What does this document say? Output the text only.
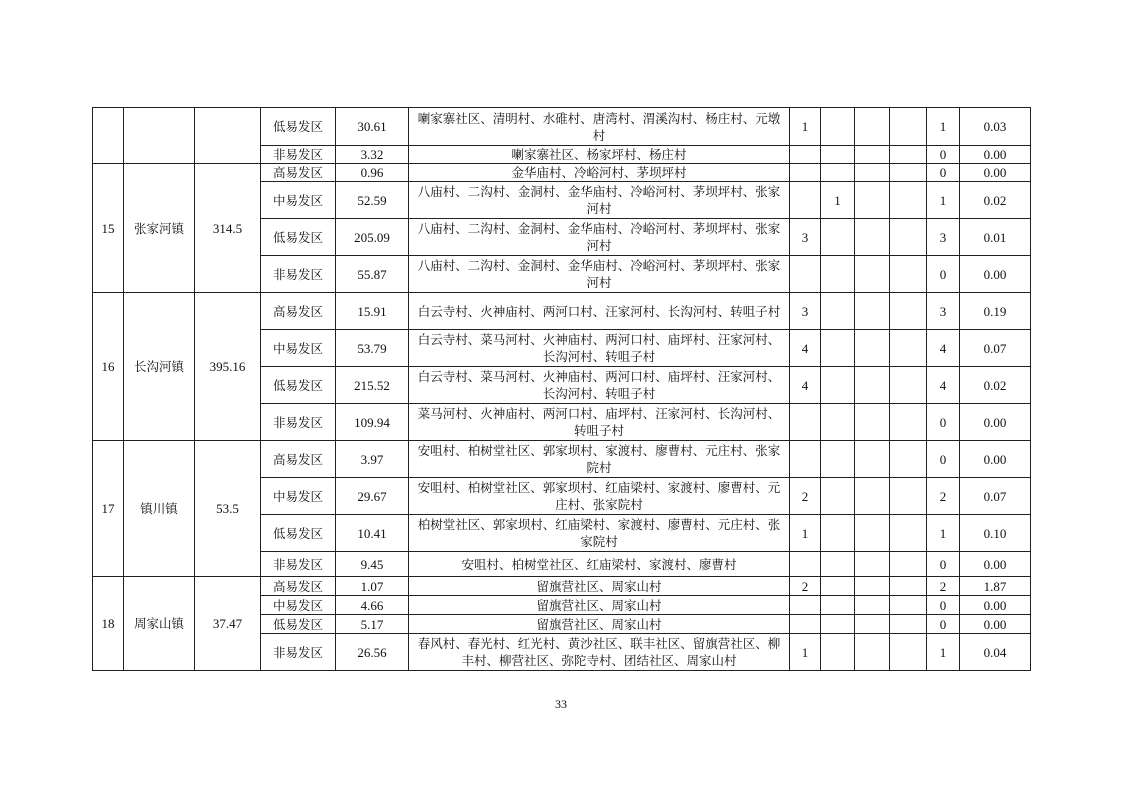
			低易发区	30.61	喇家寨社区、清明村、水碓村、唐湾村、渭溪沟村、杨庄村、元墩村	1				1	0.03
			非易发区	3.32	喇家寨社区、杨家坪村、杨庄村					0	0.00
15	张家河镇	314.5	高易发区	0.96	金华庙村、冷峪河村、茅坝坪村					0	0.00
			中易发区	52.59	八庙村、二沟村、金洞村、金华庙村、冷峪河村、茅坝坪村、张家河村		1			1	0.02
			低易发区	205.09	八庙村、二沟村、金洞村、金华庙村、冷峪河村、茅坝坪村、张家河村	3				3	0.01
			非易发区	55.87	八庙村、二沟村、金洞村、金华庙村、冷峪河村、茅坝坪村、张家河村					0	0.00
16	长沟河镇	395.16	高易发区	15.91	白云寺村、火神庙村、两河口村、汪家河村、长沟河村、转咀子村	3				3	0.19
			中易发区	53.79	白云寺村、菜马河村、火神庙村、两河口村、庙坪村、汪家河村、长沟河村、转咀子村	4				4	0.07
			低易发区	215.52	白云寺村、菜马河村、火神庙村、两河口村、庙坪村、汪家河村、长沟河村、转咀子村	4				4	0.02
			非易发区	109.94	菜马河村、火神庙村、两河口村、庙坪村、汪家河村、长沟河村、转咀子村					0	0.00
17	镇川镇	53.5	高易发区	3.97	安咀村、柏树堂社区、郭家坝村、家渡村、廖曹村、元庄村、张家院村					0	0.00
			中易发区	29.67	安咀村、柏树堂社区、郭家坝村、红庙梁村、家渡村、廖曹村、元庄村、张家院村	2				2	0.07
			低易发区	10.41	柏树堂社区、郭家坝村、红庙梁村、家渡村、廖曹村、元庄村、张家院村	1				1	0.10
			非易发区	9.45	安咀村、柏树堂社区、红庙梁村、家渡村、廖曹村					0	0.00
18	周家山镇	37.47	高易发区	1.07	留旗营社区、周家山村	2				2	1.87
			中易发区	4.66	留旗营社区、周家山村					0	0.00
			低易发区	5.17	留旗营社区、周家山村					0	0.00
			非易发区	26.56	春风村、春光村、红光村、黄沙社区、联丰社区、留旗营社区、柳丰村、柳营社区、弥陀寺村、团结社区、周家山村	1				1	0.04
33
